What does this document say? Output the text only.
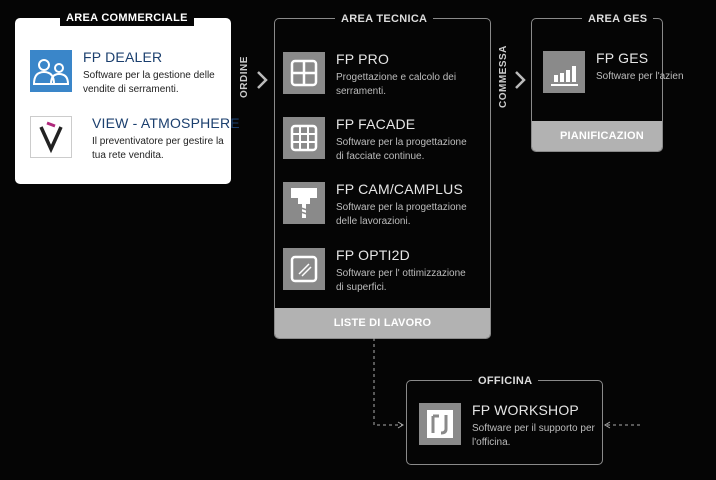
AREA COMMERCIALE
FP DEALER
Software per la gestione delle vendite di serramenti.
VIEW - ATMOSPHERE
Il preventivatore per gestire la tua rete vendita.
ORDINE
AREA TECNICA
FP PRO
Progettazione e calcolo dei serramenti.
FP FACADE
Software per la progettazione di facciate continue.
FP CAM/CAMPLUS
Software per la progettazione delle lavorazioni.
FP OPTI2D
Software per l' ottimizzazione di superfici.
LISTE DI LAVORO
COMMESSA
AREA GES
FP GES
Software per l'azien
PIANIFICAZION
OFFICINA
FP WORKSHOP
Software per il supporto per l'officina.
